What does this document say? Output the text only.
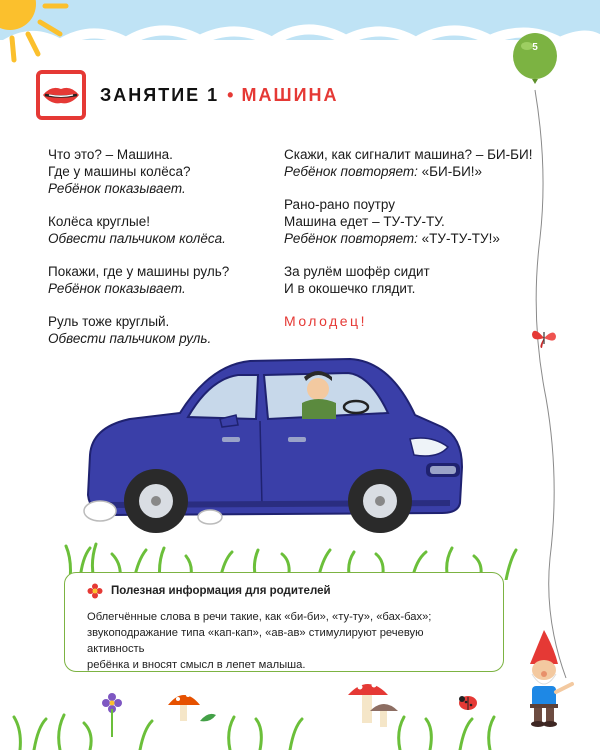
5
ЗАНЯТИЕ 1 • МАШИНА

Что это? – Машина.

Где у машины колёса?

Ребёнок показывает.

Колёса круглые!

Обвести пальчиком колёса.

Покажи, где у машины руль?

Ребёнок показывает.

Руль тоже круглый.

Обвести пальчиком руль.

Скажи, как сигналит машина? – БИ-БИ!

Ребёнок повторяет: «БИ-БИ!»

Рано-рано поутру

Машина едет – ТУ-ТУ-ТУ.

Ребёнок повторяет: «ТУ-ТУ-ТУ!»

За рулём шофёр сидит

И в окошечко глядит.

Молодец!

Полезная информация для родителей
Облегчённые слова в речи такие, как «би-би», «ту-ту», «бах-бах»;
звукоподражание типа «кап-кап», «ав-ав» стимулируют речевую активность
ребёнка и вносят смысл в лепет малыша.
